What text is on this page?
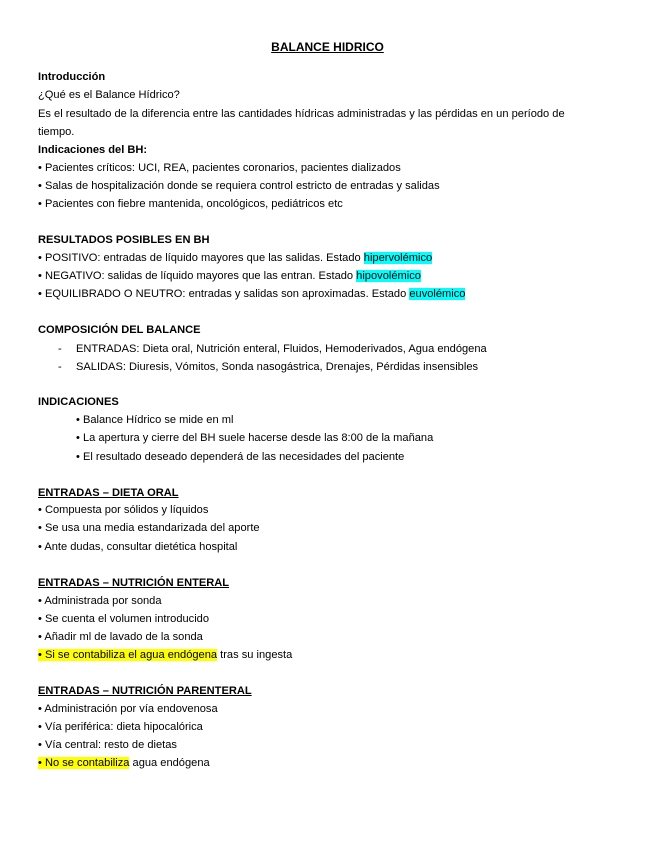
BALANCE HIDRICO
Introducción
¿Qué es el Balance Hídrico?
Es el resultado de la diferencia entre las cantidades hídricas administradas y las pérdidas en un período de
tiempo.
Indicaciones del BH:
• Pacientes críticos: UCI, REA, pacientes coronarios, pacientes dializados
• Salas de hospitalización donde se requiera control estricto de entradas y salidas
• Pacientes con fiebre mantenida, oncológicos, pediátricos etc
RESULTADOS POSIBLES EN BH
• POSITIVO: entradas de líquido mayores que las salidas. Estado hipervolémico
• NEGATIVO: salidas de líquido mayores que las entran. Estado hipovolémico
• EQUILIBRADO O NEUTRO: entradas y salidas son aproximadas. Estado euvolémico
COMPOSICIÓN DEL BALANCE
- ENTRADAS: Dieta oral, Nutrición enteral, Fluidos, Hemoderivados, Agua endógena
- SALIDAS: Diuresis, Vómitos, Sonda nasogástrica, Drenajes, Pérdidas insensibles
INDICACIONES
• Balance Hídrico se mide en ml
• La apertura y cierre del BH suele hacerse desde las 8:00 de la mañana
• El resultado deseado dependerá de las necesidades del paciente
ENTRADAS – DIETA ORAL
• Compuesta por sólidos y líquidos
• Se usa una media estandarizada del aporte
• Ante dudas, consultar dietética hospital
ENTRADAS – NUTRICIÓN ENTERAL
• Administrada por sonda
• Se cuenta el volumen introducido
• Añadir ml de lavado de la sonda
• Si se contabiliza el agua endógena tras su ingesta
ENTRADAS – NUTRICIÓN PARENTERAL
• Administración por vía endovenosa
• Vía periférica: dieta hipocalórica
• Vía central: resto de dietas
• No se contabiliza agua endógena
